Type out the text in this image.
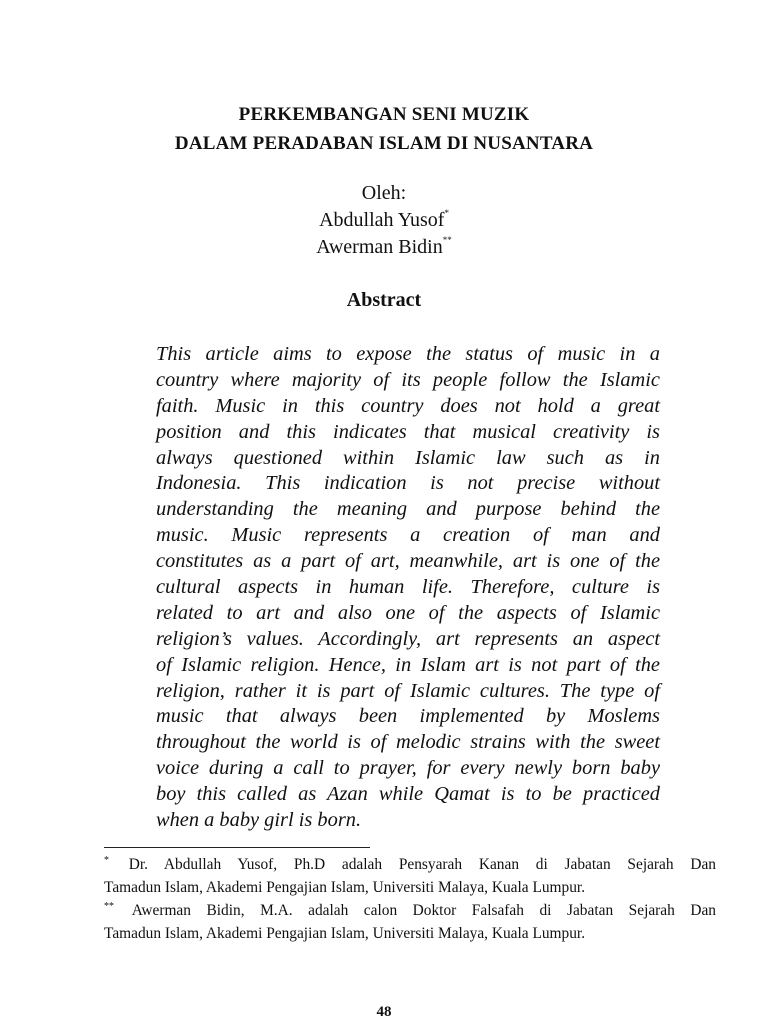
PERKEMBANGAN SENI MUZIK
DALAM PERADABAN ISLAM DI NUSANTARA
Oleh:
Abdullah Yusof*
Awerman Bidin**
Abstract
This article aims to expose the status of music in a
country where majority of its people follow the Islamic
faith. Music in this country does not hold a great
position and this indicates that musical creativity is
always questioned within Islamic law such as in
Indonesia. This indication is not precise without
understanding the meaning and purpose behind the
music. Music represents a creation of man and
constitutes as a part of art, meanwhile, art is one of the
cultural aspects in human life. Therefore, culture is
related to art and also one of the aspects of Islamic
religion’s values. Accordingly, art represents an aspect
of Islamic religion. Hence, in Islam art is not part of the
religion, rather it is part of Islamic cultures. The type of
music that always been implemented by Moslems
throughout the world is of melodic strains with the sweet
voice during a call to prayer, for every newly born baby
boy this called as Azan while Qamat is to be practiced
when a baby girl is born.
* Dr. Abdullah Yusof, Ph.D adalah Pensyarah Kanan di Jabatan Sejarah Dan
Tamadun Islam, Akademi Pengajian Islam, Universiti Malaya, Kuala Lumpur.
** Awerman Bidin, M.A. adalah calon Doktor Falsafah di Jabatan Sejarah Dan
Tamadun Islam, Akademi Pengajian Islam, Universiti Malaya, Kuala Lumpur.
48
